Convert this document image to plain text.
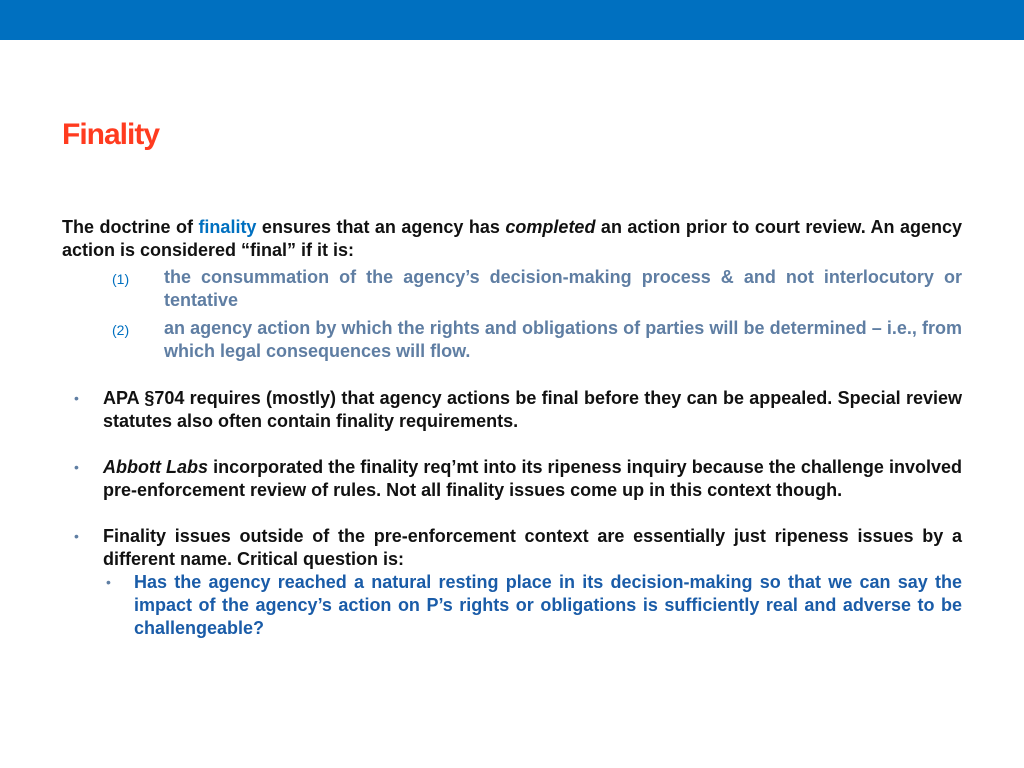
Finality

The doctrine of finality ensures that an agency has completed an action prior to court review. An agency action is considered “final” if it is:

(1) the consummation of the agency’s decision-making process & and not interlocutory or tentative
(2) an agency action by which the rights and obligations of parties will be determined – i.e., from which legal consequences will flow.
• APA §704 requires (mostly) that agency actions be final before they can be appealed. Special review statutes also often contain finality requirements.
• Abbott Labs incorporated the finality req’mt into its ripeness inquiry because the challenge involved pre-enforcement review of rules. Not all finality issues come up in this context though.
• Finality issues outside of the pre-enforcement context are essentially just ripeness issues by a different name. Critical question is:
• Has the agency reached a natural resting place in its decision-making so that we can say the impact of the agency’s action on P’s rights or obligations is sufficiently real and adverse to be challengeable?
